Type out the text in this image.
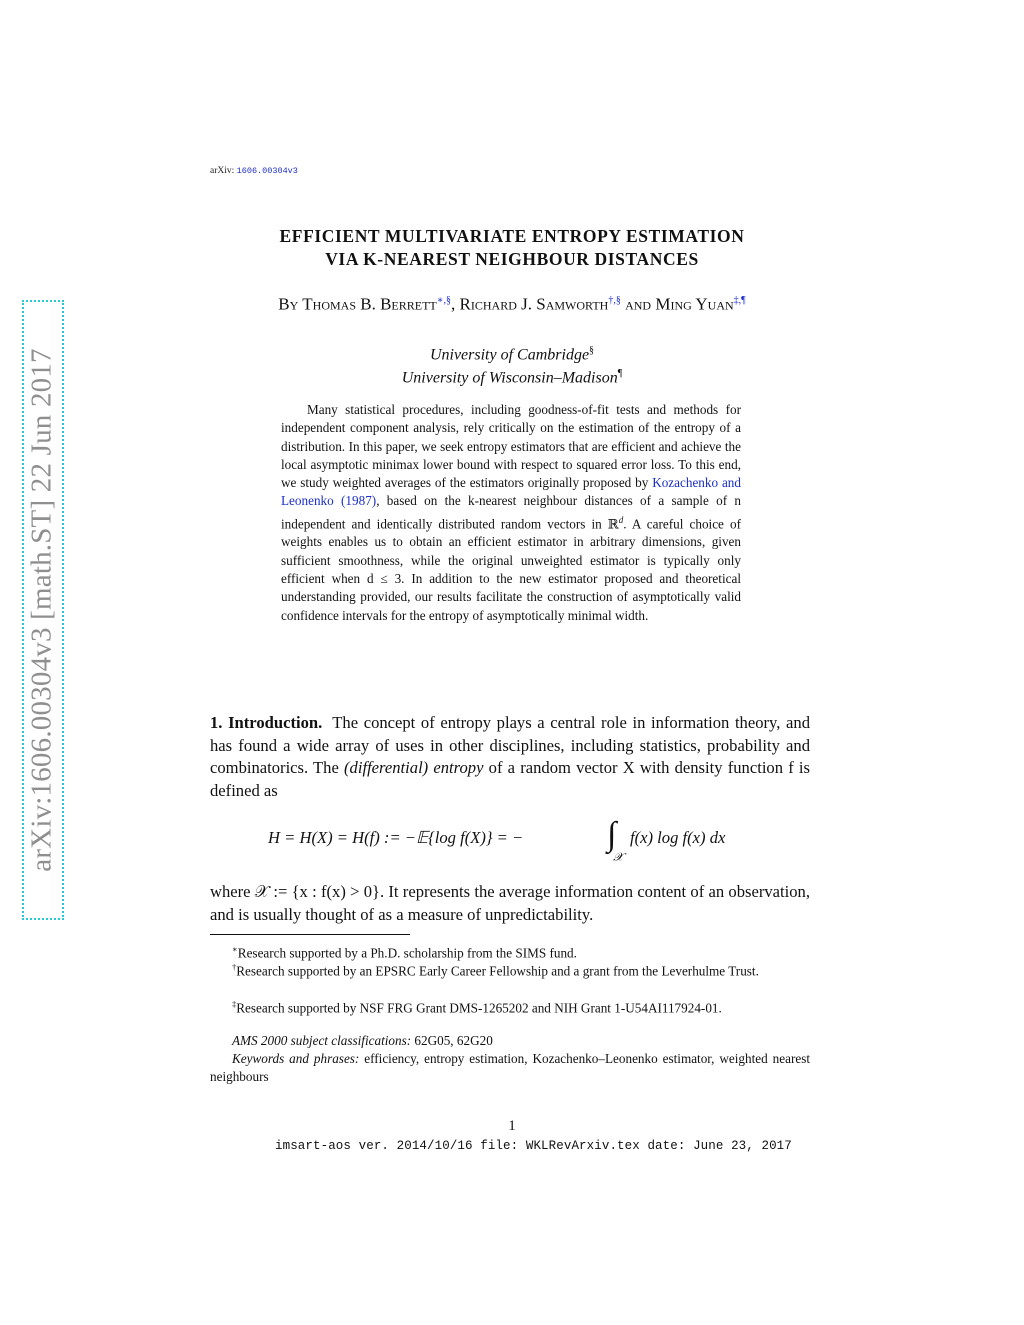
arXiv:1606.00304v3 [math.ST] 22 Jun 2017
arXiv: 1606.00304v3
EFFICIENT MULTIVARIATE ENTROPY ESTIMATION
VIA K-NEAREST NEIGHBOUR DISTANCES
By Thomas B. Berrett∗,§, Richard J. Samworth†,§ and Ming Yuan‡,¶
University of Cambridge§
University of Wisconsin–Madison¶
Many statistical procedures, including goodness-of-fit tests and methods for independent component analysis, rely critically on the estimation of the entropy of a distribution. In this paper, we seek entropy estimators that are efficient and achieve the local asymptotic minimax lower bound with respect to squared error loss. To this end, we study weighted averages of the estimators originally proposed by Kozachenko and Leonenko (1987), based on the k-nearest neighbour distances of a sample of n independent and identically distributed random vectors in ℝ$^d$. A careful choice of weights enables us to obtain an efficient estimator in arbitrary dimensions, given sufficient smoothness, while the original unweighted estimator is typically only efficient when d ≤ 3. In addition to the new estimator proposed and theoretical understanding provided, our results facilitate the construction of asymptotically valid confidence intervals for the entropy of asymptotically minimal width.
1. Introduction. The concept of entropy plays a central role in information theory, and has found a wide array of uses in other disciplines, including statistics, probability and combinatorics. The (differential) entropy of a random vector X with density function f is defined as
H = H(X) = H(f) := −𝔼{log f(X)} = − ∫
𝒳
f(x) log f(x) dx
where 𝒳 := {x : f(x) > 0}. It represents the average information content of an observation, and is usually thought of as a measure of unpredictability.
∗Research supported by a Ph.D. scholarship from the SIMS fund.
†Research supported by an EPSRC Early Career Fellowship and a grant from the Leverhulme Trust.
‡Research supported by NSF FRG Grant DMS-1265202 and NIH Grant 1-U54AI117924-01.
AMS 2000 subject classifications: 62G05, 62G20
Keywords and phrases: efficiency, entropy estimation, Kozachenko–Leonenko estimator, weighted nearest neighbours
1
imsart-aos ver. 2014/10/16 file: WKLRevArxiv.tex date: June 23, 2017
